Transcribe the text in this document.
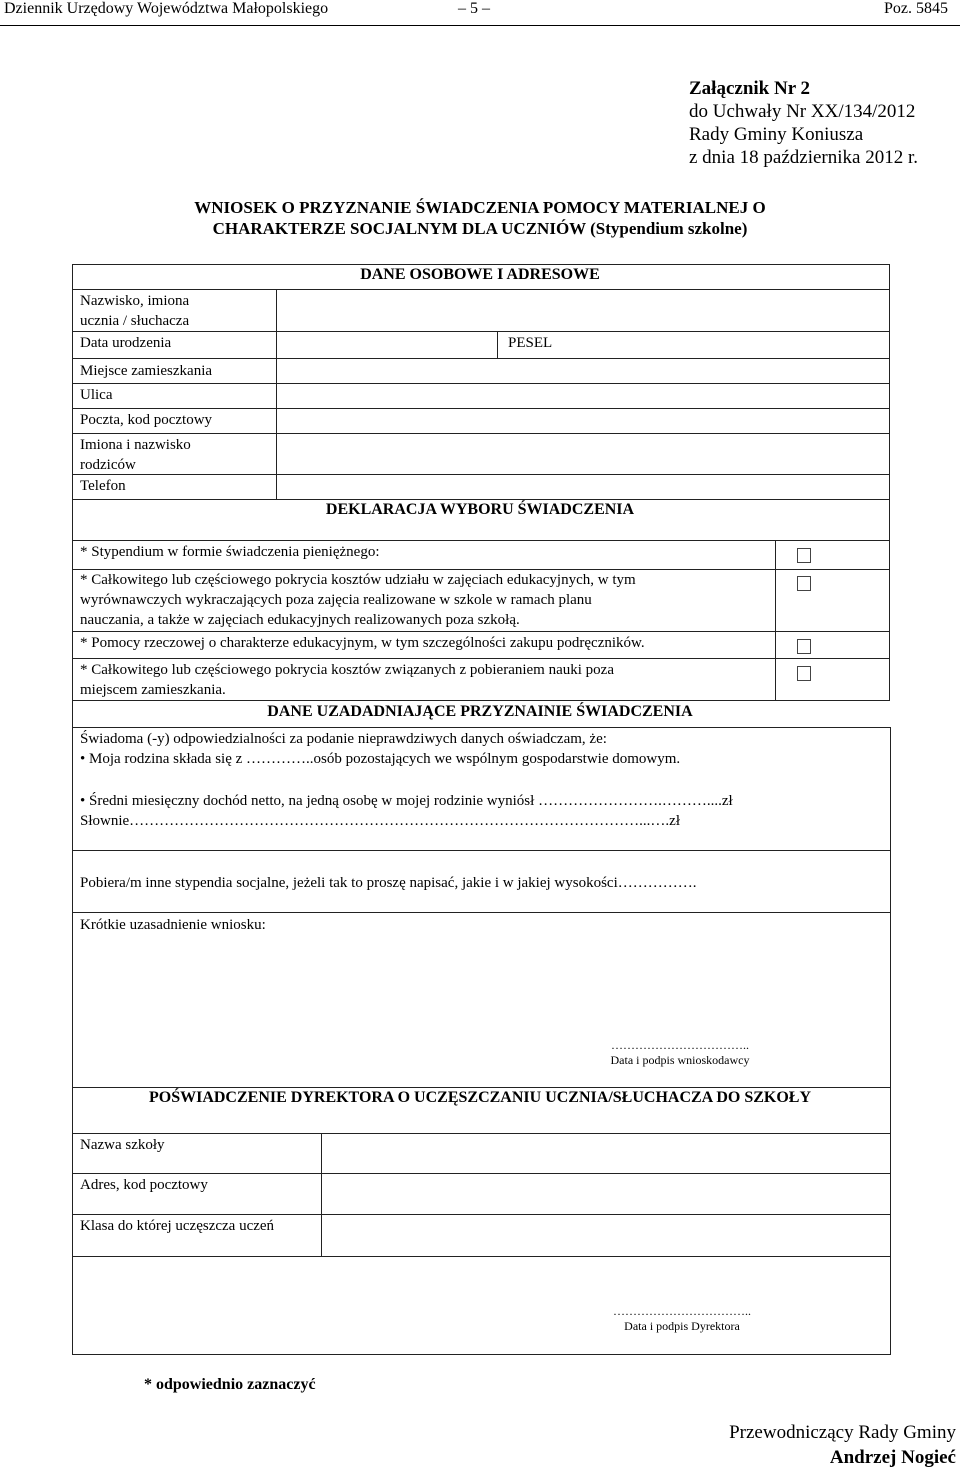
Dziennik Urzędowy Województwa Małopolskiego	– 5 –	Poz. 5845
Załącznik Nr 2
do Uchwały Nr XX/134/2012
Rady Gminy Koniusza
z dnia 18 października 2012 r.
WNIOSEK O PRZYZNANIE ŚWIADCZENIA POMOCY MATERIALNEJ O
CHARAKTERZE SOCJALNYM DLA UCZNIÓW (Stypendium szkolne)
DANE OSOBOWE I ADRESOWE
Nazwisko, imiona
ucznia / słuchacza
Data urodzenia	PESEL
Miejsce zamieszkania
Ulica
Poczta, kod pocztowy
Imiona i nazwisko
rodziców
Telefon
DEKLARACJA WYBORU ŚWIADCZENIA
* Stypendium w formie świadczenia pieniężnego:
* Całkowitego lub częściowego pokrycia kosztów udziału w zajęciach edukacyjnych, w tym
wyrównawczych wykraczających poza zajęcia realizowane w szkole w ramach planu
nauczania, a także w zajęciach edukacyjnych realizowanych poza szkołą.
* Pomocy rzeczowej o charakterze edukacyjnym, w tym szczególności zakupu podręczników.
* Całkowitego lub częściowego pokrycia kosztów związanych z pobieraniem nauki poza
miejscem zamieszkania.
DANE UZADADNIAJĄCE PRZYZNAINIE ŚWIADCZENIA
Świadoma (-y) odpowiedzialności za podanie nieprawdziwych danych oświadczam, że:
• Moja rodzina składa się z …………..osób pozostających we wspólnym gospodarstwie domowym.
• Średni miesięczny dochód netto, na jedną osobę w mojej rodzinie wyniósł …………………….………....zł
Słownie…………………………………………………………………………………………...….zł
Pobiera/m inne stypendia socjalne, jeżeli tak to proszę napisać, jakie i w jakiej wysokości…………….
Krótkie uzasadnienie wniosku:
……………………………..
Data i podpis wnioskodawcy
POŚWIADCZENIE DYREKTORA O UCZĘSZCZANIU UCZNIA/SŁUCHACZA DO SZKOŁY
Nazwa szkoły
Adres, kod pocztowy
Klasa do której uczęszcza uczeń
……………………………..
Data i podpis Dyrektora
* odpowiednio zaznaczyć
Przewodniczący Rady Gminy
Andrzej Nogieć
